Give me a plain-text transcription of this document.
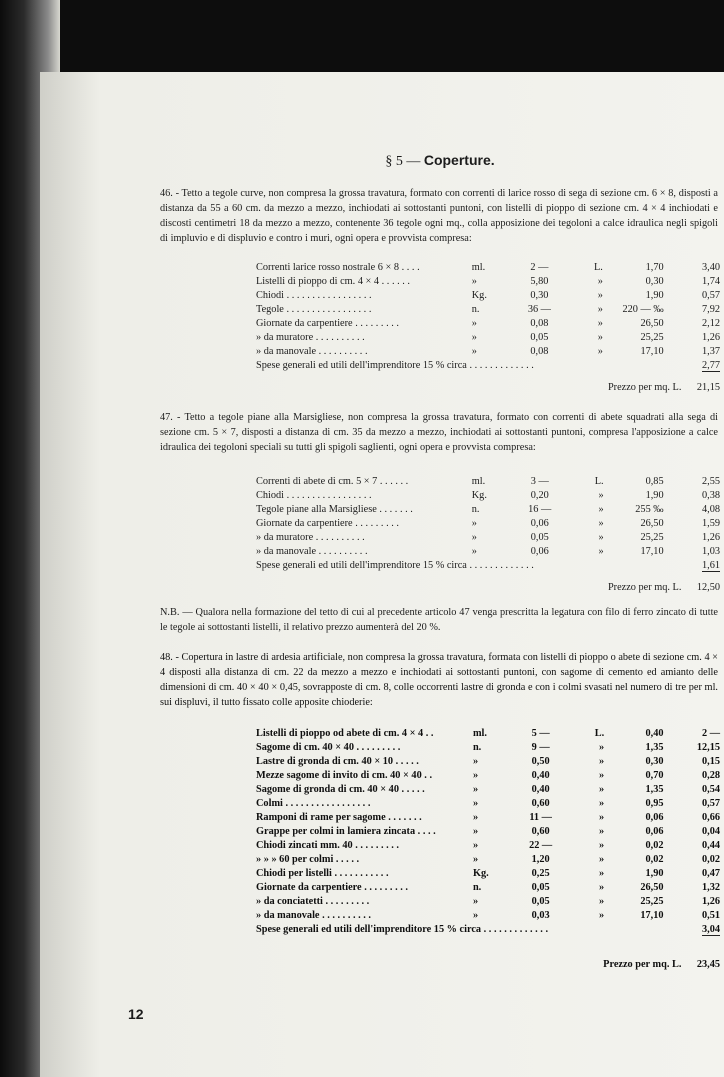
§ 5 — Coperture.
46. - Tetto a tegole curve, non compresa la grossa travatura, formato con correnti di larice rosso di sega di sezione cm. 6 × 8, disposti a distanza da 55 a 60 cm. da mezzo a mezzo, inchiodati ai sottostanti puntoni, con listelli di pioppo di sezione cm. 4 × 4 inchiodati e discosti centimetri 18 da mezzo a mezzo, contenente 36 tegole ogni mq., colla apposizione dei tegoloni a calce idraulica negli spigoli di impluvio e di displuvio e contro i muri, ogni opera e provvista compresa:
Correnti larice rosso nostrale 6 × 8 . . . .	ml.	2 —	L.	1,70	3,40
Listelli di pioppo di cm. 4 × 4 . . . . . .	»	5,80	»	0,30	1,74
Chiodi . . . . . . . . . . . . . . . . .	Kg.	0,30	»	1,90	0,57
Tegole . . . . . . . . . . . . . . . . .	n.	36 —	»	220 — ‰	7,92
Giornate da carpentiere . . . . . . . . .	»	0,08	»	26,50	2,12
» da muratore . . . . . . . . . .	»	0,05	»	25,25	1,26
» da manovale . . . . . . . . . .	»	0,08	»	17,10	1,37
Spese generali ed utili dell'imprenditore 15 % circa . . . . . . . . . . . . .					2,77
Prezzo per mq. L. 21,15
47. - Tetto a tegole piane alla Marsigliese, non compresa la grossa travatura, formato con correnti di abete squadrati alla sega di sezione cm. 5 × 7, disposti a distanza di cm. 35 da mezzo a mezzo, inchiodati ai sottostanti puntoni, compresa l'apposizione a calce idraulica dei tegoloni speciali su tutti gli spigoli saglienti, ogni opera e provvista compresa:
Correnti di abete di cm. 5 × 7 . . . . . .	ml.	3 —	L.	0,85	2,55
Chiodi . . . . . . . . . . . . . . . . .	Kg.	0,20	»	1,90	0,38
Tegole piane alla Marsigliese . . . . . . .	n.	16 —	»	255 ‰	4,08
Giornate da carpentiere . . . . . . . . .	»	0,06	»	26,50	1,59
» da muratore . . . . . . . . . .	»	0,05	»	25,25	1,26
» da manovale . . . . . . . . . .	»	0,06	»	17,10	1,03
Spese generali ed utili dell'imprenditore 15 % circa . . . . . . . . . . . . .					1,61
Prezzo per mq. L. 12,50
N.B. — Qualora nella formazione del tetto di cui al precedente articolo 47 venga prescritta la legatura con filo di ferro zincato di tutte le tegole ai sottostanti listelli, il relativo prezzo aumenterà del 20 %.
48. - Copertura in lastre di ardesia artificiale, non compresa la grossa travatura, formata con listelli di pioppo o abete di sezione cm. 4 × 4 disposti alla distanza di cm. 22 da mezzo a mezzo e inchiodati ai sottostanti puntoni, con sagome di cemento ed amianto delle dimensioni di cm. 40 × 40 × 0,45, sovrapposte di cm. 8, colle occorrenti lastre di gronda e con i colmi svasati nel numero di tre per ml. sui displuvi, il tutto fissato colle apposite chioderie:
Listelli di pioppo od abete di cm. 4 × 4 . .	ml.	5 —	L.	0,40	2 —
Sagome di cm. 40 × 40 . . . . . . . . .	n.	9 —	»	1,35	12,15
Lastre di gronda di cm. 40 × 10 . . . . .	»	0,50	»	0,30	0,15
Mezze sagome di invito di cm. 40 × 40 . .	»	0,40	»	0,70	0,28
Sagome di gronda di cm. 40 × 40 . . . . .	»	0,40	»	1,35	0,54
Colmi . . . . . . . . . . . . . . . . .	»	0,60	»	0,95	0,57
Ramponi di rame per sagome . . . . . . .	»	11 —	»	0,06	0,66
Grappe per colmi in lamiera zincata . . . .	»	0,60	»	0,06	0,04
Chiodi zincati mm. 40 . . . . . . . . .	»	22 —	»	0,02	0,44
» » » 60 per colmi . . . . .	»	1,20	»	0,02	0,02
Chiodi per listelli . . . . . . . . . . .	Kg.	0,25	»	1,90	0,47
Giornate da carpentiere . . . . . . . . .	n.	0,05	»	26,50	1,32
» da conciatetti . . . . . . . . .	»	0,05	»	25,25	1,26
» da manovale . . . . . . . . . .	»	0,03	»	17,10	0,51
Spese generali ed utili dell'imprenditore 15 % circa . . . . . . . . . . . . .					3,04
Prezzo per mq. L. 23,45
12
